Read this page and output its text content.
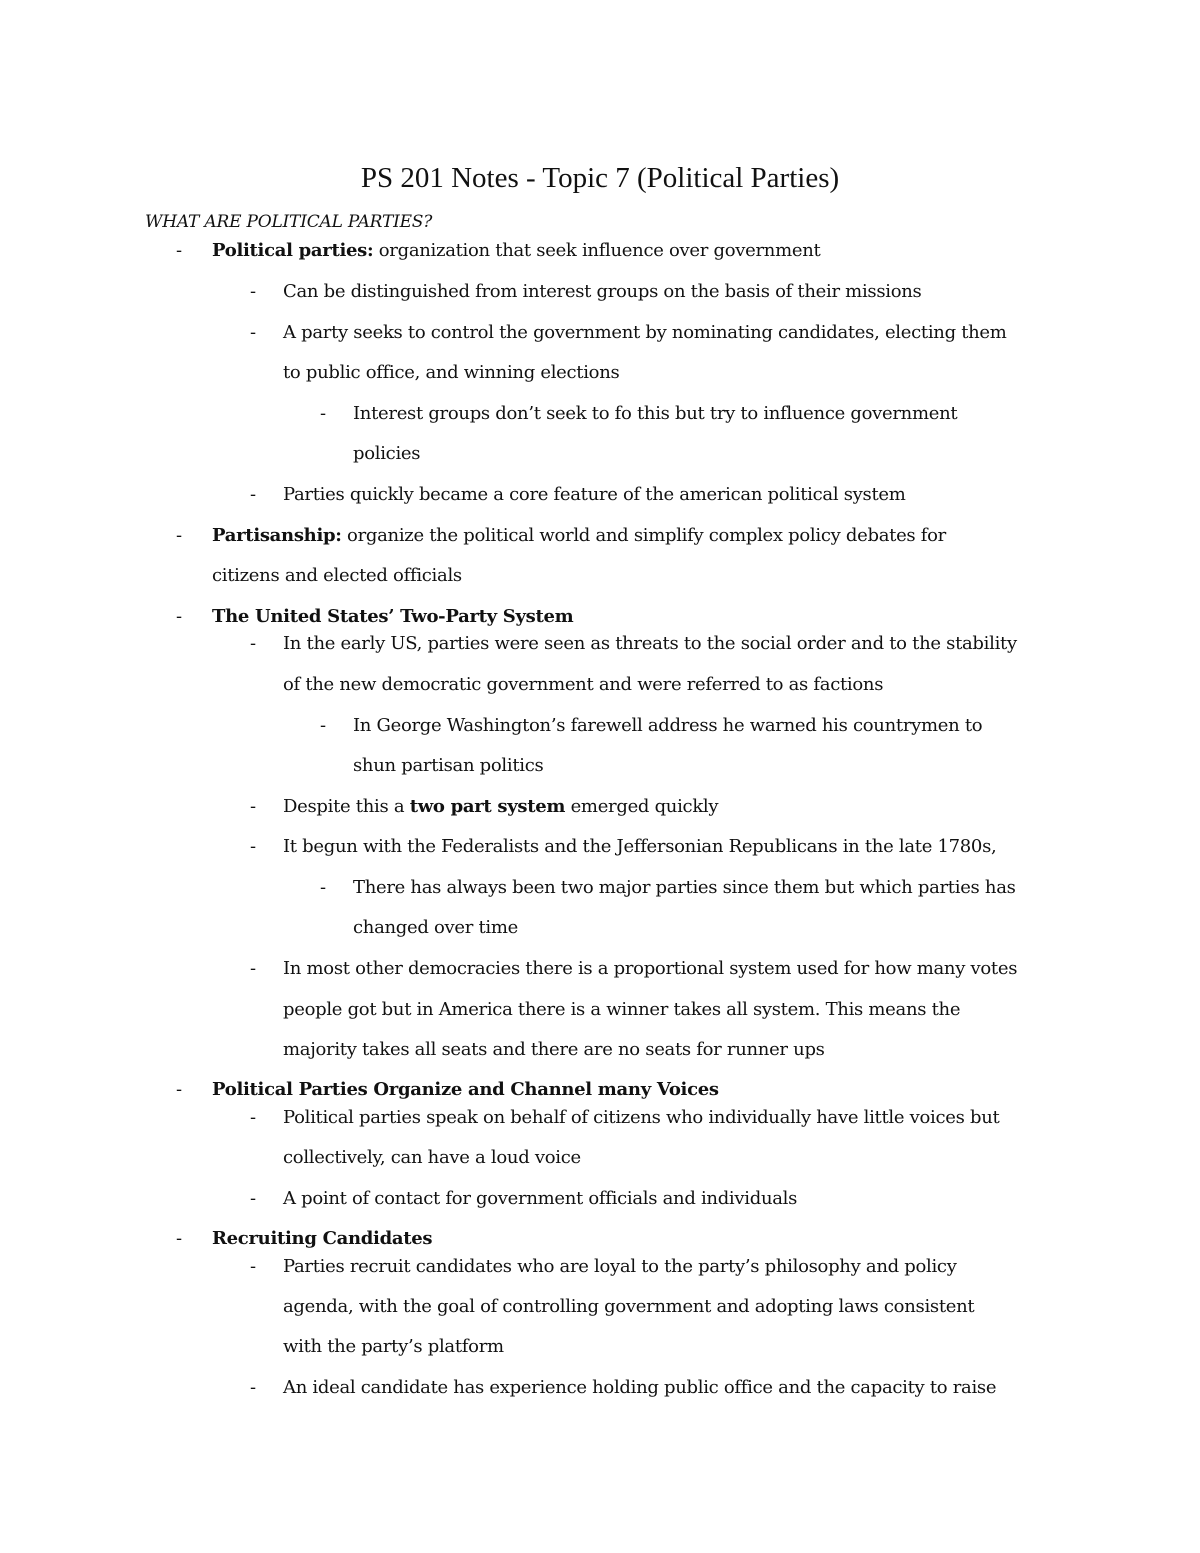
PS 201 Notes - Topic 7 (Political Parties)
WHAT ARE POLITICAL PARTIES?
- Political parties: organization that seek influence over government
- Can be distinguished from interest groups on the basis of their missions
- A party seeks to control the government by nominating candidates, electing them
to public office, and winning elections
- Interest groups don’t seek to fo this but try to influence government
policies
- Parties quickly became a core feature of the american political system
- Partisanship: organize the political world and simplify complex policy debates for
citizens and elected officials
- The United States’ Two-Party System
- In the early US, parties were seen as threats to the social order and to the stability
of the new democratic government and were referred to as factions
- In George Washington’s farewell address he warned his countrymen to
shun partisan politics
- Despite this a two part system emerged quickly
- It begun with the Federalists and the Jeffersonian Republicans in the late 1780s,
- There has always been two major parties since them but which parties has
changed over time
- In most other democracies there is a proportional system used for how many votes
people got but in America there is a winner takes all system. This means the
majority takes all seats and there are no seats for runner ups
- Political Parties Organize and Channel many Voices
- Political parties speak on behalf of citizens who individually have little voices but
collectively, can have a loud voice
- A point of contact for government officials and individuals
- Recruiting Candidates
- Parties recruit candidates who are loyal to the party’s philosophy and policy
agenda, with the goal of controlling government and adopting laws consistent
with the party’s platform
- An ideal candidate has experience holding public office and the capacity to raise
